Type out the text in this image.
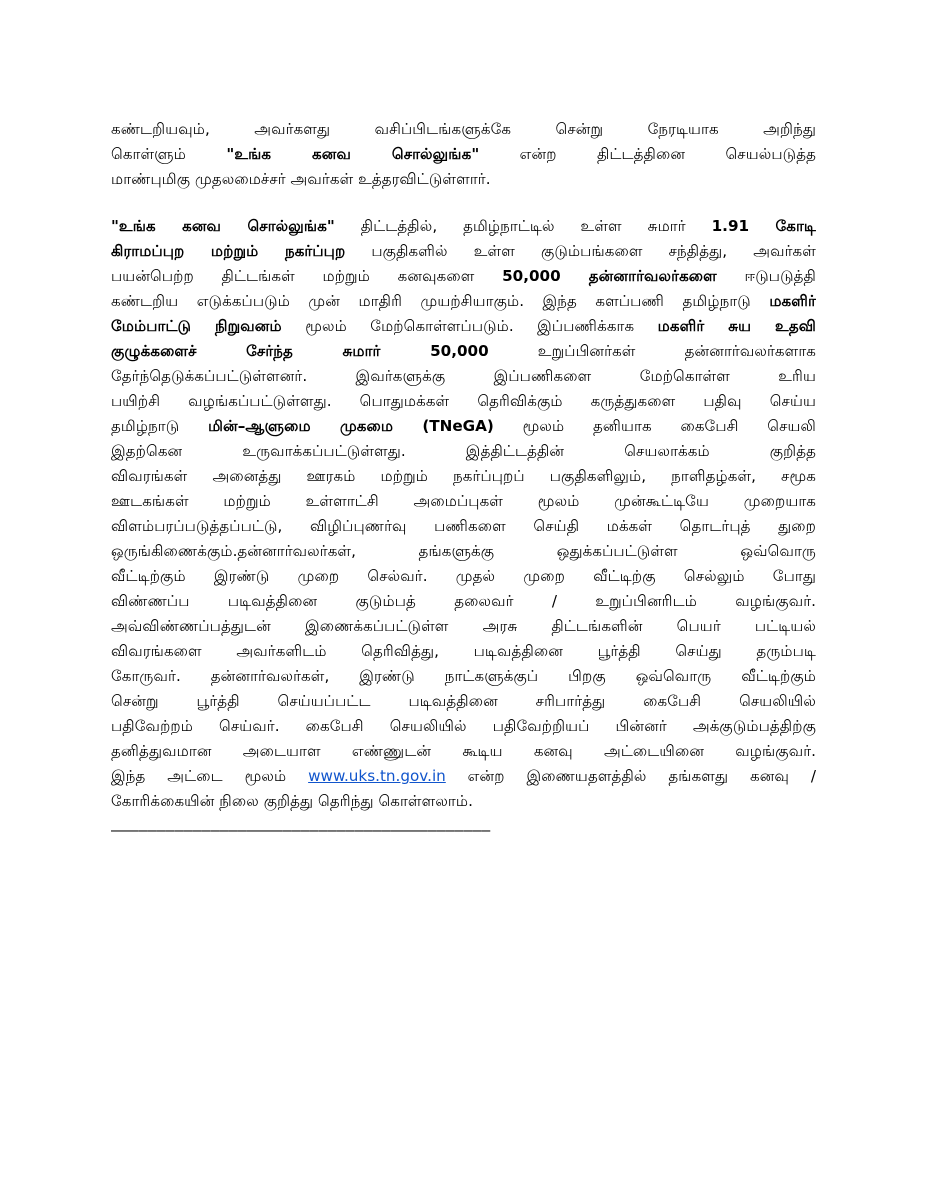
கண்டறியவும், அவர்களது வசிப்பிடங்களுக்கே சென்று நேரடியாக அறிந்து
கொள்ளும் "உங்க கனவ சொல்லுங்க" என்ற திட்டத்தினை செயல்படுத்த
மாண்புமிகு முதலமைச்சர் அவர்கள் உத்தரவிட்டுள்ளார்.
"உங்க கனவ சொல்லுங்க" திட்டத்தில், தமிழ்நாட்டில் உள்ள சுமார் 1.91 கோடி
கிராமப்புற மற்றும் நகர்ப்புற பகுதிகளில் உள்ள குடும்பங்களை சந்தித்து, அவர்கள்
பயன்பெற்ற திட்டங்கள் மற்றும் கனவுகளை 50,000 தன்னார்வலர்களை ஈடுபடுத்தி
கண்டறிய எடுக்கப்படும் முன் மாதிரி முயற்சியாகும். இந்த களப்பணி தமிழ்நாடு மகளிர்
மேம்பாட்டு நிறுவனம் மூலம் மேற்கொள்ளப்படும். இப்பணிக்காக மகளிர் சுய உதவி
குழுக்களைச் சேர்ந்த சுமார் 50,000 உறுப்பினர்கள் தன்னார்வலர்களாக
தேர்ந்தெடுக்கப்பட்டுள்ளனர். இவர்களுக்கு இப்பணிகளை மேற்கொள்ள உரிய
பயிற்சி வழங்கப்பட்டுள்ளது. பொதுமக்கள் தெரிவிக்கும் கருத்துகளை பதிவு செய்ய
தமிழ்நாடு மின்–ஆளுமை முகமை (TNeGA) மூலம் தனியாக கைபேசி செயலி
இதற்கென உருவாக்கப்பட்டுள்ளது. இத்திட்டத்தின் செயலாக்கம் குறித்த
விவரங்கள் அனைத்து ஊரகம் மற்றும் நகர்ப்புறப் பகுதிகளிலும், நாளிதழ்கள், சமூக
ஊடகங்கள் மற்றும் உள்ளாட்சி அமைப்புகள் மூலம் முன்கூட்டியே முறையாக
விளம்பரப்படுத்தப்பட்டு, விழிப்புணர்வு பணிகளை செய்தி மக்கள் தொடர்புத் துறை
ஒருங்கிணைக்கும்.தன்னார்வலர்கள், தங்களுக்கு ஒதுக்கப்பட்டுள்ள ஒவ்வொரு
வீட்டிற்கும் இரண்டு முறை செல்வர். முதல் முறை வீட்டிற்கு செல்லும் போது
விண்ணப்ப படிவத்தினை குடும்பத் தலைவர் / உறுப்பினரிடம் வழங்குவர்.
அவ்விண்ணப்பத்துடன் இணைக்கப்பட்டுள்ள அரசு திட்டங்களின் பெயர் பட்டியல்
விவரங்களை அவர்களிடம் தெரிவித்து, படிவத்தினை பூர்த்தி செய்து தரும்படி
கோருவர். தன்னார்வலர்கள், இரண்டு நாட்களுக்குப் பிறகு ஒவ்வொரு வீட்டிற்கும்
சென்று பூர்த்தி செய்யப்பட்ட படிவத்தினை சரிபார்த்து கைபேசி செயலியில்
பதிவேற்றம் செய்வர். கைபேசி செயலியில் பதிவேற்றியப் பின்னர் அக்குடும்பத்திற்கு
தனித்துவமான அடையாள எண்ணுடன் கூடிய கனவு அட்டையினை வழங்குவர்.
இந்த அட்டை மூலம் www.uks.tn.gov.in என்ற இணையதளத்தில் தங்களது கனவு /
கோரிக்கையின் நிலை குறித்து தெரிந்து கொள்ளலாம்.
––––––––––––––––––––––––––––––––––––––––––
